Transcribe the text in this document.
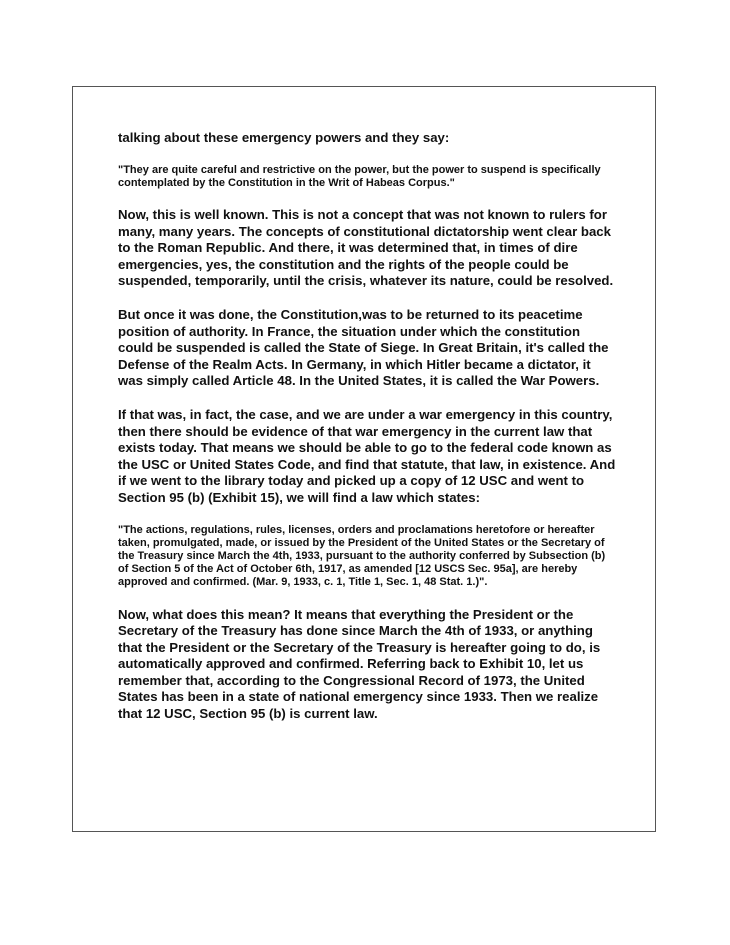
talking about these emergency powers and they say:

"They are quite careful and restrictive on the power, but the power to suspend is specifically contemplated by the Constitution in the Writ of Habeas Corpus."

Now, this is well known. This is not a concept that was not known to rulers for many, many years. The concepts of constitutional dictatorship went clear back to the Roman Republic. And there, it was determined that, in times of dire emergencies, yes, the constitution and the rights of the people could be suspended, temporarily, until the crisis, whatever its nature, could be resolved.

But once it was done, the Constitution,was to be returned to its peacetime position of authority. In France, the situation under which the constitution could be suspended is called the State of Siege. In Great Britain, it's called the Defense of the Realm Acts. In Germany, in which Hitler became a dictator, it was simply called Article 48. In the United States, it is called the War Powers.

If that was, in fact, the case, and we are under a war emergency in this country, then there should be evidence of that war emergency in the current law that exists today. That means we should be able to go to the federal code known as the USC or United States Code, and find that statute, that law, in existence. And if we went to the library today and picked up a copy of 12 USC and went to Section 95 (b) (Exhibit 15), we will find a law which states:

"The actions, regulations, rules, licenses, orders and proclamations heretofore or hereafter taken, promulgated, made, or issued by the President of the United States or the Secretary of the Treasury since March the 4th, 1933, pursuant to the authority conferred by Subsection (b) of Section 5 of the Act of October 6th, 1917, as amended [12 USCS Sec. 95a], are hereby approved and confirmed. (Mar. 9, 1933, c. 1, Title 1, Sec. 1, 48 Stat. 1.)".

Now, what does this mean? It means that everything the President or the Secretary of the Treasury has done since March the 4th of 1933, or anything that the President or the Secretary of the Treasury is hereafter going to do, is automatically approved and confirmed. Referring back to Exhibit 10, let us remember that, according to the Congressional Record of 1973, the United States has been in a state of national emergency since 1933. Then we realize that 12 USC, Section 95 (b) is current law.
